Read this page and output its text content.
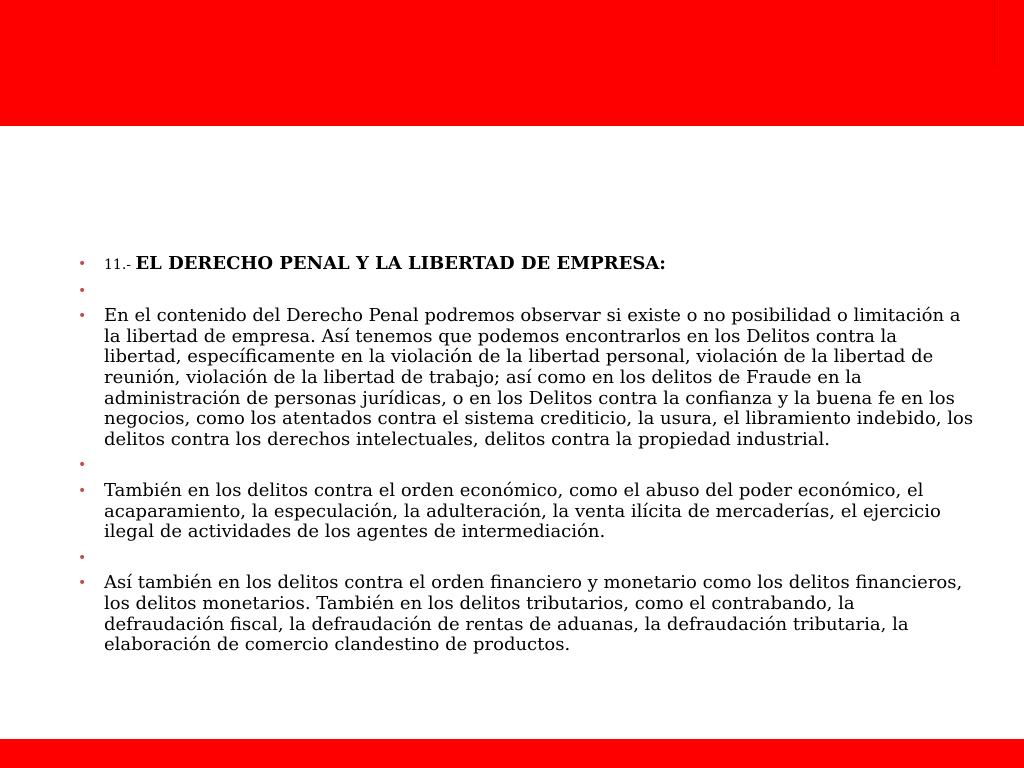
• 11.- EL DERECHO PENAL Y LA LIBERTAD DE EMPRESA:
•
• En el contenido del Derecho Penal podremos observar si existe o no posibilidad o limitación a la libertad de empresa. Así tenemos que podemos encontrarlos en los Delitos contra la libertad, específicamente en la violación de la libertad personal, violación de la libertad de reunión, violación de la libertad de trabajo; así como en los delitos de Fraude en la administración de personas jurídicas, o en los Delitos contra la confianza y la buena fe en los negocios, como los atentados contra el sistema crediticio, la usura, el libramiento indebido, los delitos contra los derechos intelectuales, delitos contra la propiedad industrial.
•
• También en los delitos contra el orden económico, como el abuso del poder económico, el acaparamiento, la especulación, la adulteración, la venta ilícita de mercaderías, el ejercicio ilegal de actividades de los agentes de intermediación.
•
• Así también en los delitos contra el orden financiero y monetario como los delitos financieros, los delitos monetarios. También en los delitos tributarios, como el contrabando, la defraudación fiscal, la defraudación de rentas de aduanas, la defraudación tributaria, la elaboración de comercio clandestino de productos.
